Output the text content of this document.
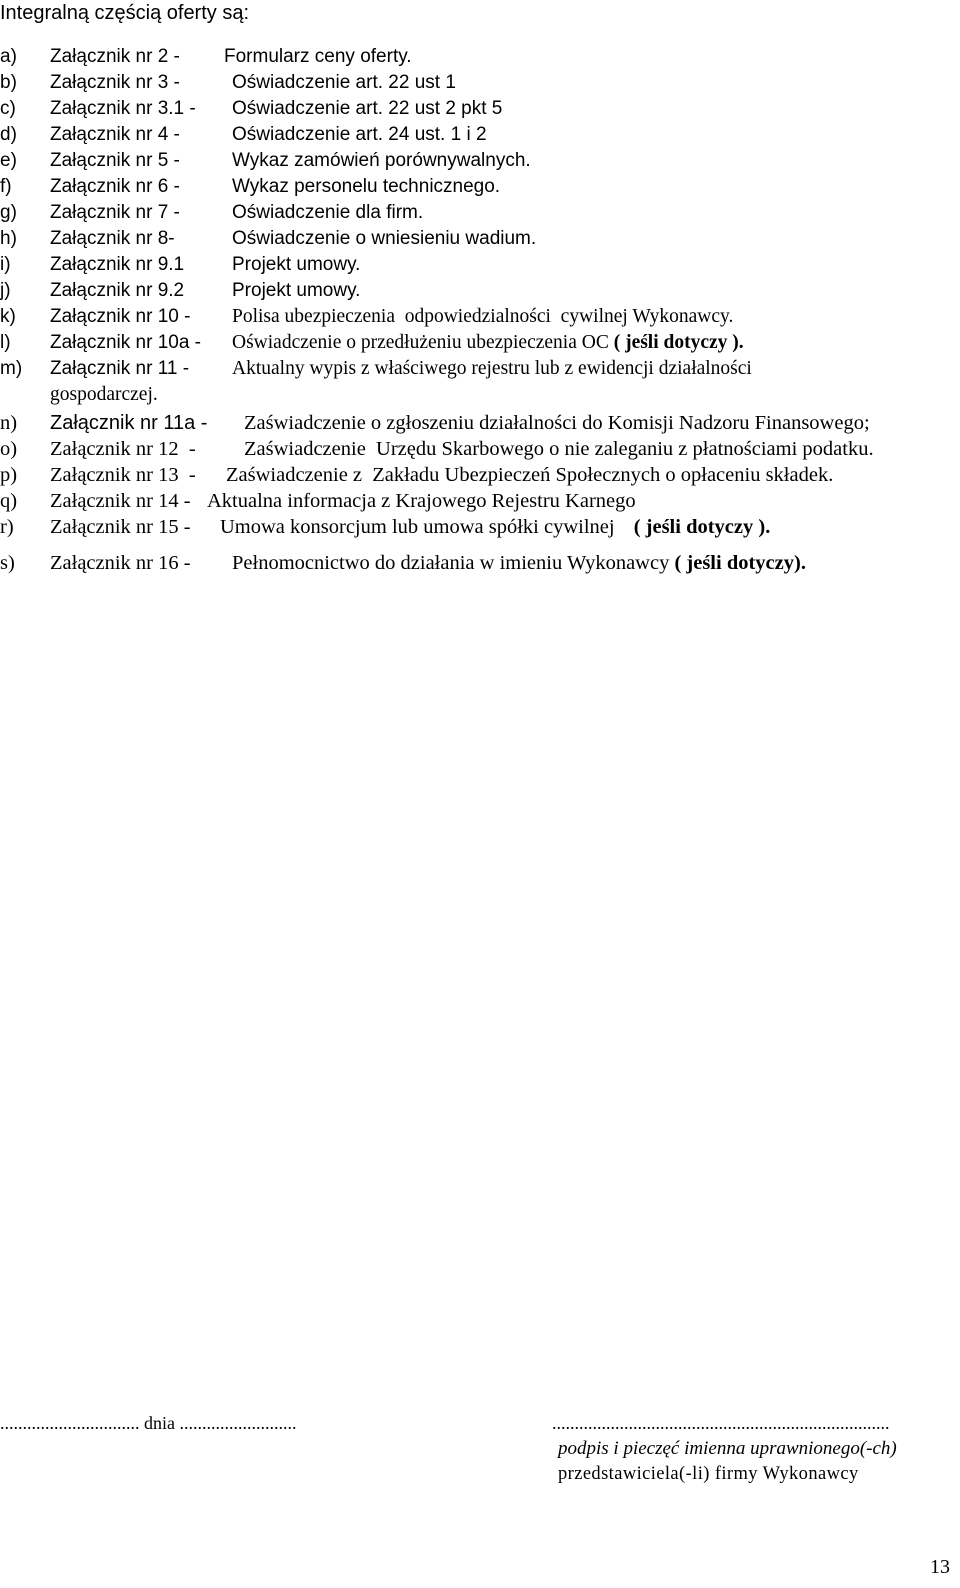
Integralną częścią oferty są:
a) Załącznik nr 2 - Formularz ceny oferty.
b) Załącznik nr 3 -	Oświadczenie art. 22 ust 1
c) Załącznik nr 3.1 - Oświadczenie art. 22 ust 2 pkt 5
d) Załącznik nr 4 -	Oświadczenie art. 24 ust. 1 i 2
e) Załącznik nr 5 -	Wykaz zamówień porównywalnych.
f) Załącznik nr 6 -	Wykaz personelu technicznego.
g) Załącznik nr 7 -	Oświadczenie dla firm.
h) Załącznik nr 8-	Oświadczenie o wniesieniu wadium.
i) Załącznik nr 9.1	Projekt umowy.
j) Załącznik nr 9.2	Projekt umowy.
k) Załącznik nr 10 - Polisa ubezpieczenia  odpowiedzialności  cywilnej Wykonawcy.
l) Załącznik nr 10a - Oświadczenie o przedłużeniu ubezpieczenia OC ( jeśli dotyczy ).
m) Załącznik nr 11 - Aktualny wypis z właściwego rejestru lub z ewidencji działalności
gospodarczej.
n) Załącznik nr 11a - Zaświadczenie o zgłoszeniu działalności do Komisji Nadzoru Finansowego;
o) Załącznik nr 12  - Zaświadczenie  Urzędu Skarbowego o nie zaleganiu z płatnościami podatku.
p) Załącznik nr 13  - Zaświadczenie z  Zakładu Ubezpieczeń Społecznych o opłaceniu składek.
q) Załącznik nr 14 - Aktualna informacja z Krajowego Rejestru Karnego
r) Załącznik nr 15 - Umowa konsorcjum lub umowa spółki cywilnej ( jeśli dotyczy ).
s) Załącznik nr 16 - Pełnomocnictwo do działania w imieniu Wykonawcy ( jeśli dotyczy).
............................... dnia ..........................	...........................................................................
podpis i pieczęć imienna uprawnionego(-ch)
przedstawiciela(-li) firmy Wykonawcy
13
